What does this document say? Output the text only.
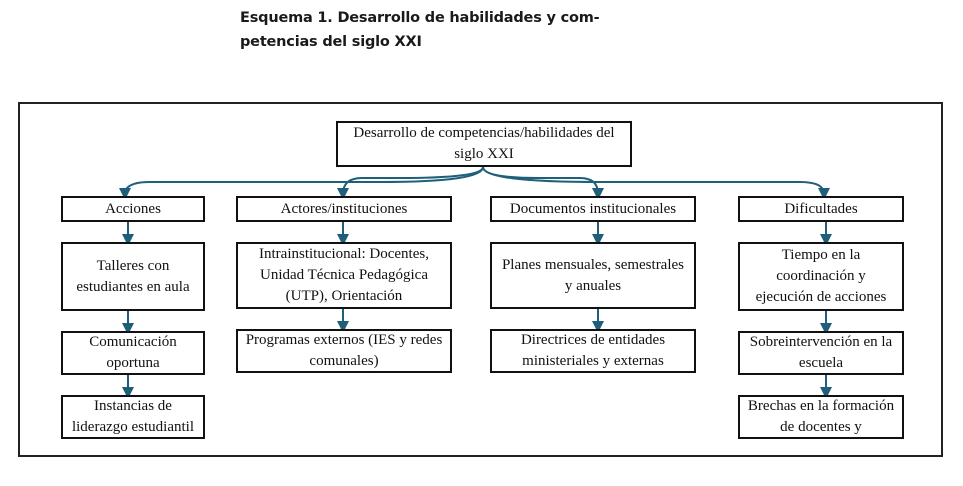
Esquema 1. Desarrollo de habilidades y com-
petencias del siglo XXI
Desarrollo de competencias/habilidades del
siglo XXI
Acciones	Actores/instituciones	Documentos institucionales	Dificultades
Talleres con
estudiantes en aula
Comunicación
oportuna
Instancias de
liderazgo estudiantil
Intrainstitucional: Docentes,
Unidad Técnica Pedagógica
(UTP), Orientación
Programas externos (IES y redes
comunales)
Planes mensuales, semestrales
y anuales
Directrices de entidades
ministeriales y externas
Tiempo en la
coordinación y
ejecución de acciones
Sobreintervención en la
escuela
Brechas en la formación
de docentes y
